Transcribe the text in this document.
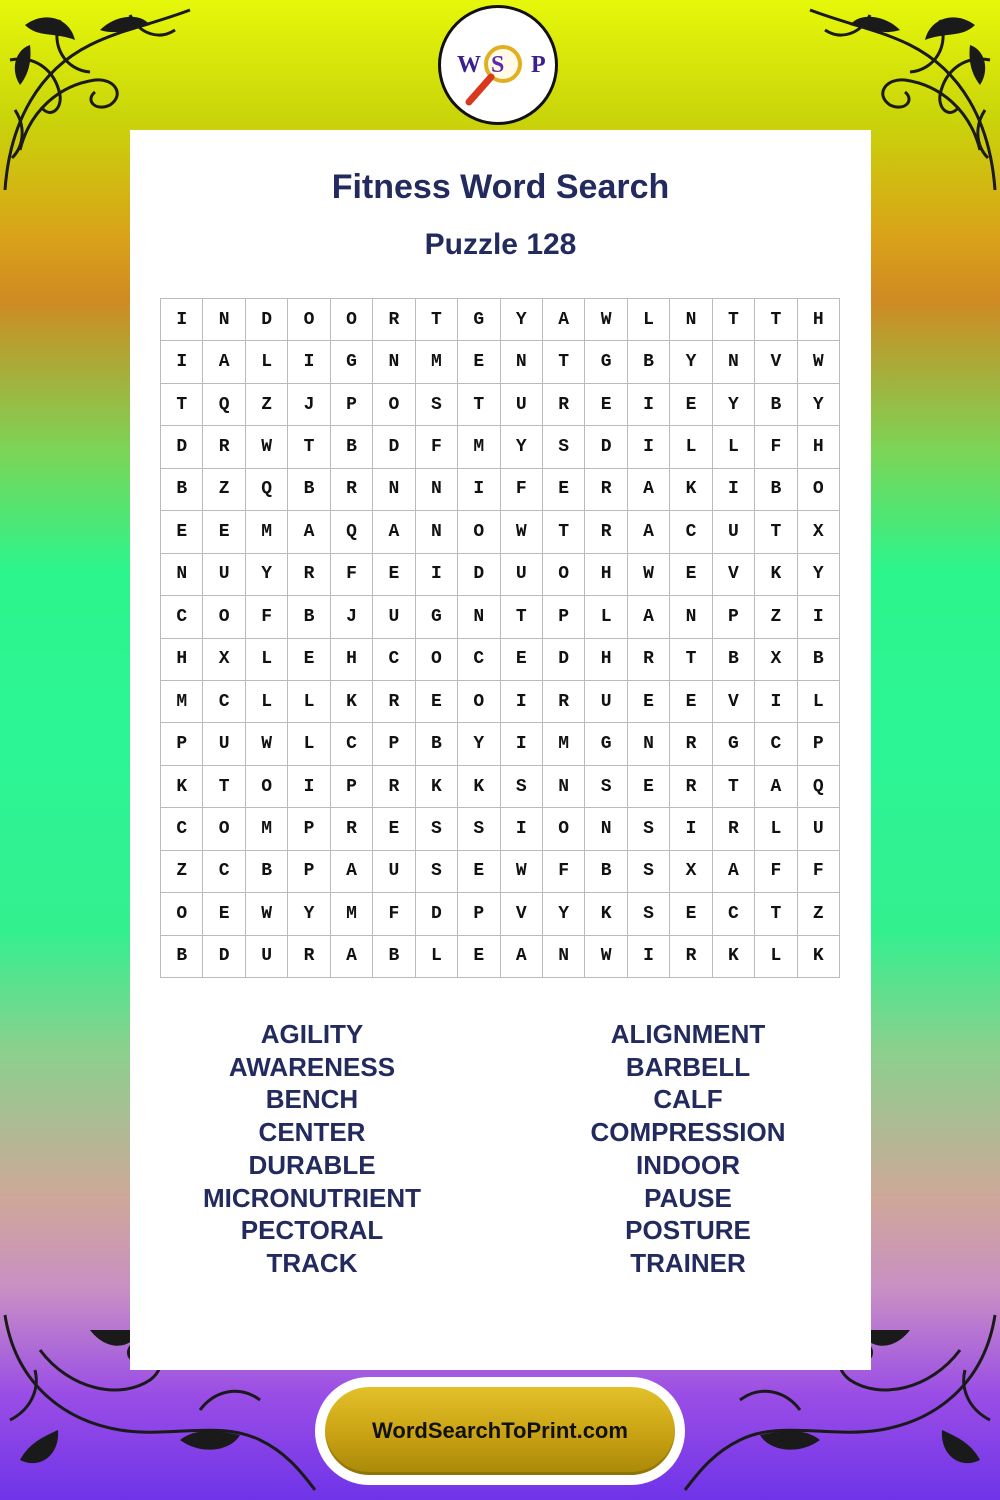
W S P
Fitness Word Search
Puzzle 128
I	N	D	O	O	R	T	G	Y	A	W	L	N	T	T	H
I	A	L	I	G	N	M	E	N	T	G	B	Y	N	V	W
T	Q	Z	J	P	O	S	T	U	R	E	I	E	Y	B	Y
D	R	W	T	B	D	F	M	Y	S	D	I	L	L	F	H
B	Z	Q	B	R	N	N	I	F	E	R	A	K	I	B	O
E	E	M	A	Q	A	N	O	W	T	R	A	C	U	T	X
N	U	Y	R	F	E	I	D	U	O	H	W	E	V	K	Y
C	O	F	B	J	U	G	N	T	P	L	A	N	P	Z	I
H	X	L	E	H	C	O	C	E	D	H	R	T	B	X	B
M	C	L	L	K	R	E	O	I	R	U	E	E	V	I	L
P	U	W	L	C	P	B	Y	I	M	G	N	R	G	C	P
K	T	O	I	P	R	K	K	S	N	S	E	R	T	A	Q
C	O	M	P	R	E	S	S	I	O	N	S	I	R	L	U
Z	C	B	P	A	U	S	E	W	F	B	S	X	A	F	F
O	E	W	Y	M	F	D	P	V	Y	K	S	E	C	T	Z
B	D	U	R	A	B	L	E	A	N	W	I	R	K	L	K
AGILITY
AWARENESS
BENCH
CENTER
DURABLE
MICRONUTRIENT
PECTORAL
TRACK
ALIGNMENT
BARBELL
CALF
COMPRESSION
INDOOR
PAUSE
POSTURE
TRAINER
WordSearchToPrint.com
